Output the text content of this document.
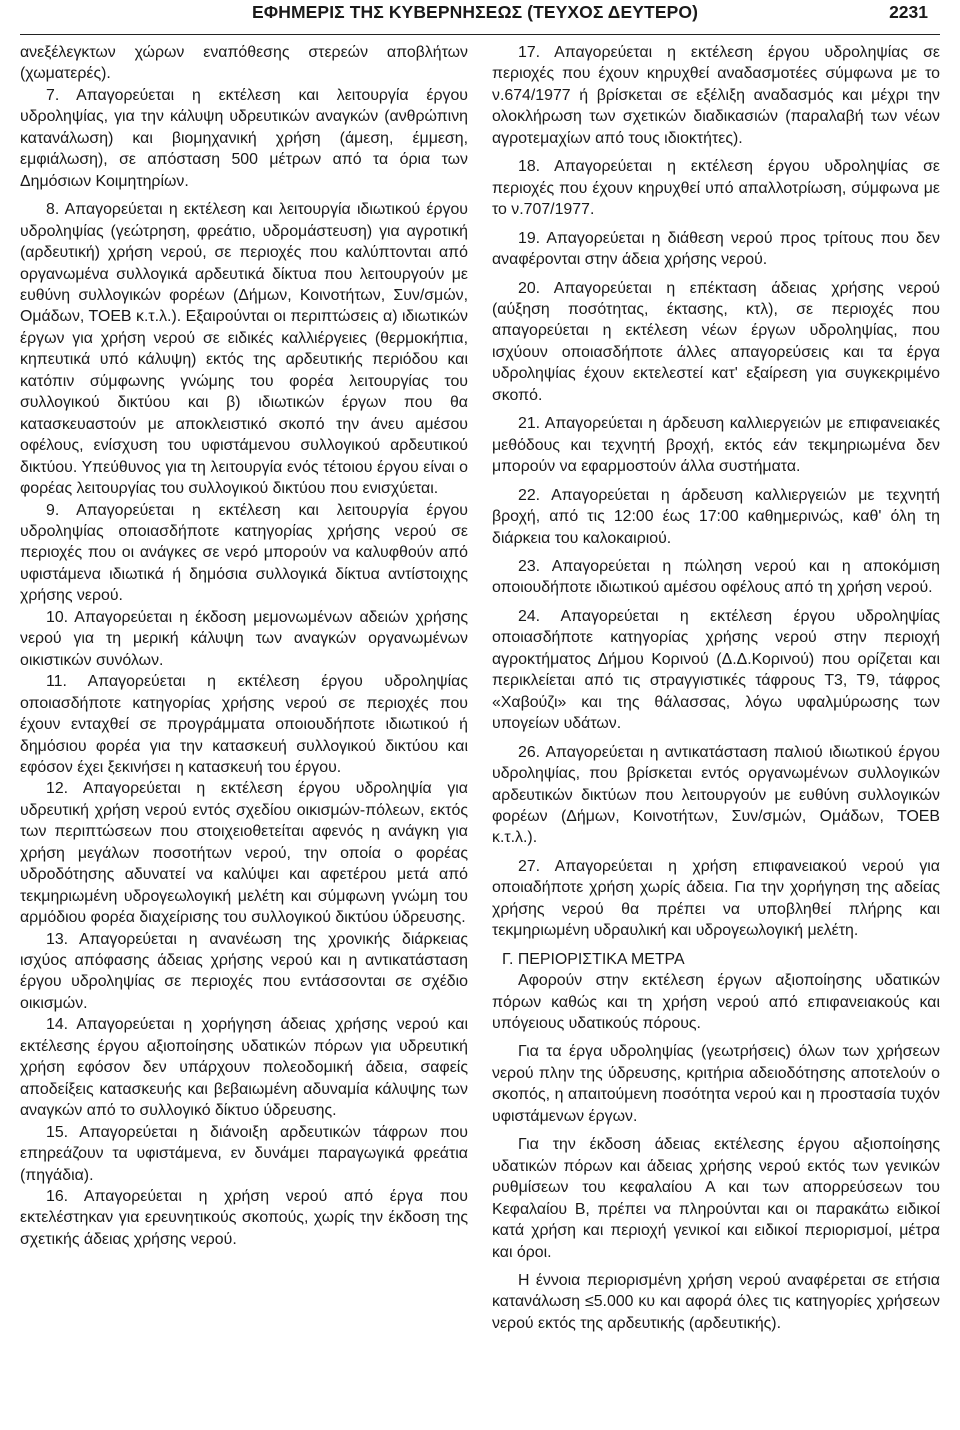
ΕΦΗΜΕΡΙΣ ΤΗΣ ΚΥΒΕΡΝΗΣΕΩΣ (ΤΕΥΧΟΣ ΔΕΥΤΕΡΟ)	2231

ανεξέλεγκτων χώρων εναπόθεσης στερεών αποβλήτων (χωματερές).

7. Απαγορεύεται η εκτέλεση και λειτουργία έργου υδροληψίας, για την κάλυψη υδρευτικών αναγκών (ανθρώπινη κατανάλωση) και βιομηχανική χρήση (άμεση, έμμεση, εμφιάλωση), σε απόσταση 500 μέτρων από τα όρια των Δημόσιων Κοιμητηρίων.

8. Απαγορεύεται η εκτέλεση και λειτουργία ιδιωτικού έργου υδροληψίας (γεώτρηση, φρεάτιο, υδρομάστευση) για αγροτική (αρδευτική) χρήση νερού, σε περιοχές που καλύπτονται από οργανωμένα συλλογικά αρδευτικά δίκτυα που λειτουργούν με ευθύνη συλλογικών φορέων (Δήμων, Κοινοτήτων, Συν/σμών, Ομάδων, ΤΟΕΒ κ.τ.λ.). Εξαιρούνται οι περιπτώσεις α) ιδιωτικών έργων για χρήση νερού σε ειδικές καλλιέργειες (θερμοκήπια, κηπευτικά υπό κάλυψη) εκτός της αρδευτικής περιόδου και κατόπιν σύμφωνης γνώμης του φορέα λειτουργίας του συλλογικού δικτύου και β) ιδιωτικών έργων που θα κατασκευαστούν με αποκλειστικό σκοπό την άνευ αμέσου οφέλους, ενίσχυση του υφιστάμενου συλλογικού αρδευτικού δικτύου. Υπεύθυνος για τη λειτουργία ενός τέτοιου έργου είναι ο φορέας λειτουργίας του συλλογικού δικτύου που ενισχύεται.

9. Απαγορεύεται η εκτέλεση και λειτουργία έργου υδροληψίας οποιασδήποτε κατηγορίας χρήσης νερού σε περιοχές που οι ανάγκες σε νερό μπορούν να καλυφθούν από υφιστάμενα ιδιωτικά ή δημόσια συλλογικά δίκτυα αντίστοιχης χρήσης νερού.

10. Απαγορεύεται η έκδοση μεμονωμένων αδειών χρήσης νερού για τη μερική κάλυψη των αναγκών οργανωμένων οικιστικών συνόλων.

11. Απαγορεύεται η εκτέλεση έργου υδροληψίας οποιασδήποτε κατηγορίας χρήσης νερού σε περιοχές που έχουν ενταχθεί σε προγράμματα οποιουδήποτε ιδιωτικού ή δημόσιου φορέα για την κατασκευή συλλογικού δικτύου και εφόσον έχει ξεκινήσει η κατασκευή του έργου.

12. Απαγορεύεται η εκτέλεση έργου υδροληψία για υδρευτική χρήση νερού εντός σχεδίου οικισμών-πόλεων, εκτός των περιπτώσεων που στοιχειοθετείται αφενός η ανάγκη για χρήση μεγάλων ποσοτήτων νερού, την οποία ο φορέας υδροδότησης αδυνατεί να καλύψει και αφετέρου μετά από τεκμηριωμένη υδρογεωλογική μελέτη και σύμφωνη γνώμη του αρμόδιου φορέα διαχείρισης του συλλογικού δικτύου ύδρευσης.

13. Απαγορεύεται η ανανέωση της χρονικής διάρκειας ισχύος απόφασης άδειας χρήσης νερού και η αντικατάσταση έργου υδροληψίας σε περιοχές που εντάσσονται σε σχέδιο οικισμών.

14. Απαγορεύεται η χορήγηση άδειας χρήσης νερού και εκτέλεσης έργου αξιοποίησης υδατικών πόρων για υδρευτική χρήση εφόσον δεν υπάρχουν πολεοδομική άδεια, σαφείς αποδείξεις κατασκευής και βεβαιωμένη αδυναμία κάλυψης των αναγκών από το συλλογικό δίκτυο ύδρευσης.

15. Απαγορεύεται η διάνοιξη αρδευτικών τάφρων που επηρεάζουν τα υφιστάμενα, εν δυνάμει παραγωγικά φρεάτια (πηγάδια).

16. Απαγορεύεται η χρήση νερού από έργα που εκτελέστηκαν για ερευνητικούς σκοπούς, χωρίς την έκδοση της σχετικής άδειας χρήσης νερού.

17. Απαγορεύεται η εκτέλεση έργου υδροληψίας σε περιοχές που έχουν κηρυχθεί αναδασμοτέες σύμφωνα με το ν.674/1977 ή βρίσκεται σε εξέλιξη αναδασμός και μέχρι την ολοκλήρωση των σχετικών διαδικασιών (παραλαβή των νέων αγροτεμαχίων από τους ιδιοκτήτες).

18. Απαγορεύεται η εκτέλεση έργου υδροληψίας σε περιοχές που έχουν κηρυχθεί υπό απαλλοτρίωση, σύμφωνα με το ν.707/1977.

19. Απαγορεύεται η διάθεση νερού προς τρίτους που δεν αναφέρονται στην άδεια χρήσης νερού.

20. Απαγορεύεται η επέκταση άδειας χρήσης νερού (αύξηση ποσότητας, έκτασης, κτλ), σε περιοχές που απαγορεύεται η εκτέλεση νέων έργων υδροληψίας, που ισχύουν οποιασδήποτε άλλες απαγορεύσεις και τα έργα υδροληψίας έχουν εκτελεστεί κατ' εξαίρεση για συγκεκριμένο σκοπό.

21. Απαγορεύεται η άρδευση καλλιεργειών με επιφανειακές μεθόδους και τεχνητή βροχή, εκτός εάν τεκμηριωμένα δεν μπορούν να εφαρμοστούν άλλα συστήματα.

22. Απαγορεύεται η άρδευση καλλιεργειών με τεχνητή βροχή, από τις 12:00 έως 17:00 καθημερινώς, καθ' όλη τη διάρκεια του καλοκαιριού.

23. Απαγορεύεται η πώληση νερού και η αποκόμιση οποιουδήποτε ιδιωτικού αμέσου οφέλους από τη χρήση νερού.

24. Απαγορεύεται η εκτέλεση έργου υδροληψίας οποιασδήποτε κατηγορίας χρήσης νερού στην περιοχή αγροκτήματος Δήμου Κορινού (Δ.Δ.Κορινού) που ορίζεται και περικλείεται από τις στραγγιστικές τάφρους Τ3, Τ9, τάφρος «Χαβούζι» και της θάλασσας, λόγω υφαλμύρωσης των υπογείων υδάτων.

26. Απαγορεύεται η αντικατάσταση παλιού ιδιωτικού έργου υδροληψίας, που βρίσκεται εντός οργανωμένων συλλογικών αρδευτικών δικτύων που λειτουργούν με ευθύνη συλλογικών φορέων (Δήμων, Κοινοτήτων, Συν/σμών, Ομάδων, ΤΟΕΒ κ.τ.λ.).

27. Απαγορεύεται η χρήση επιφανειακού νερού για οποιαδήποτε χρήση χωρίς άδεια. Για την χορήγηση της αδείας χρήσης νερού θα πρέπει να υποβληθεί πλήρης και τεκμηριωμένη υδραυλική και υδρογεωλογική μελέτη.

Γ. ΠΕΡΙΟΡΙΣΤΙΚΑ ΜΕΤΡΑ

Αφορούν στην εκτέλεση έργων αξιοποίησης υδατικών πόρων καθώς και τη χρήση νερού από επιφανειακούς και υπόγειους υδατικούς πόρους.

Για τα έργα υδροληψίας (γεωτρήσεις) όλων των χρήσεων νερού πλην της ύδρευσης, κριτήρια αδειοδότησης αποτελούν ο σκοπός, η απαιτούμενη ποσότητα νερού και η προστασία τυχόν υφιστάμενων έργων.

Για την έκδοση άδειας εκτέλεσης έργου αξιοποίησης υδατικών πόρων και άδειας χρήσης νερού εκτός των γενικών ρυθμίσεων του κεφαλαίου Α και των απορρεύσεων του Κεφαλαίου Β, πρέπει να πληρούνται και οι παρακάτω ειδικοί κατά χρήση και περιοχή γενικοί και ειδικοί περιορισμοί, μέτρα και όροι.

Η έννοια περιορισμένη χρήση νερού αναφέρεται σε ετήσια κατανάλωση ≤5.000 κυ και αφορά όλες τις κατηγορίες χρήσεων νερού εκτός της αρδευτικής (αρδευτικής).
